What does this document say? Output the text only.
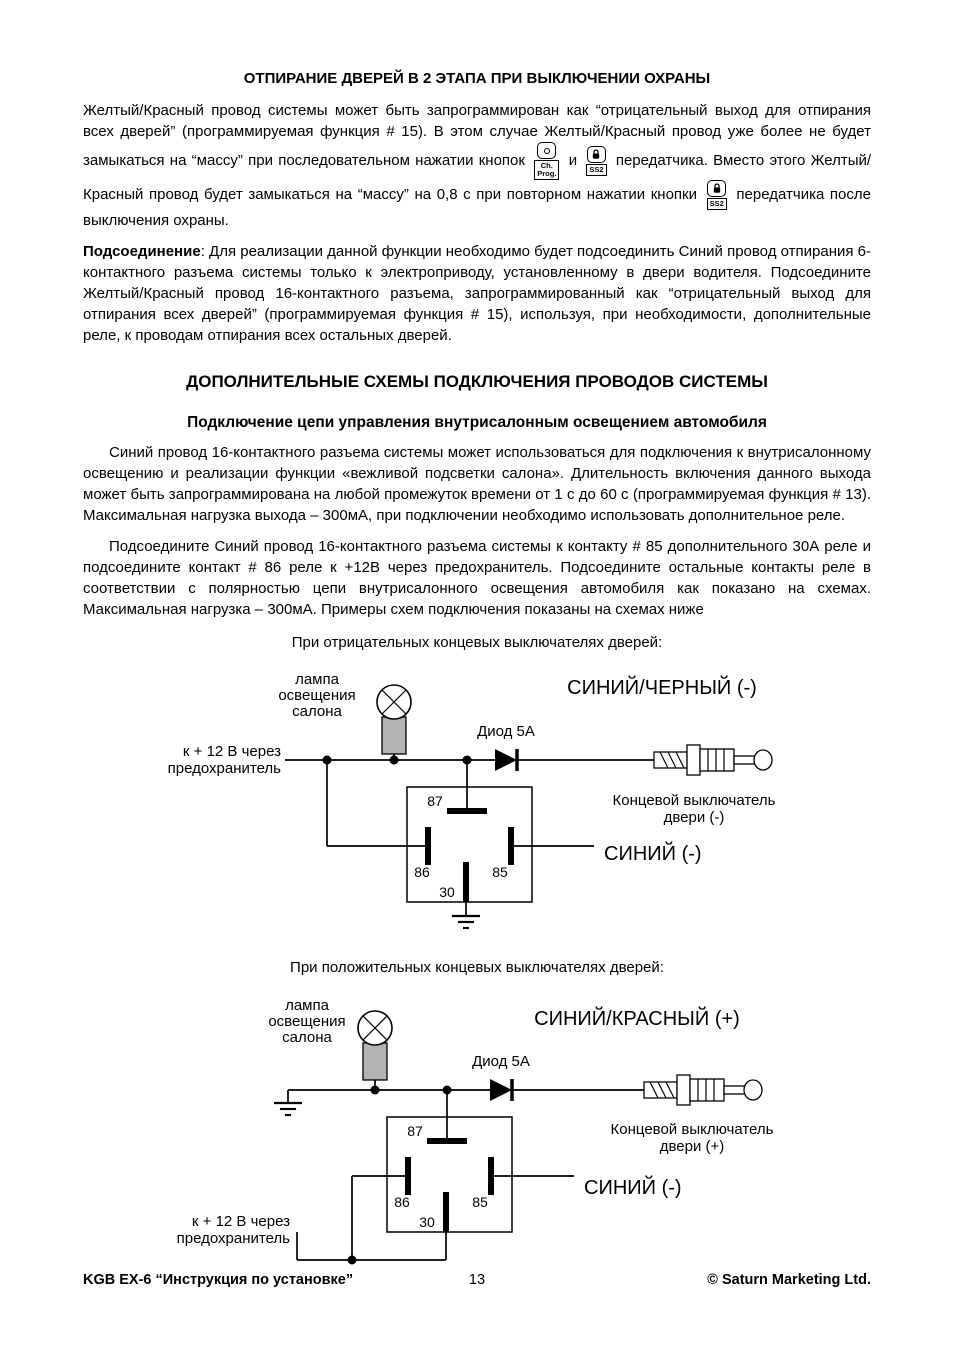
ОТПИРАНИЕ ДВЕРЕЙ В 2 ЭТАПА ПРИ ВЫКЛЮЧЕНИИ ОХРАНЫ

Желтый/Красный провод системы может быть запрограммирован как “отрицательный выход для отпирания всех дверей” (программируемая функция # 15). В этом случае Желтый/Красный провод уже более не будет замыкаться на “массу” при последовательном нажатии кнопок	Ch.
Prog.
и
SS2
передатчика. Вместо этого Желтый/Красный провод будет замыкаться на “массу” на 0,8 с при повторном нажатии кнопки
SS2
передатчика после выключения охраны.

Подсоединение: Для реализации данной функции необходимо будет подсоединить Синий провод отпирания 6-контактного разъема системы только к электроприводу, установленному в двери водителя. Подсоедините Желтый/Красный провод 16-контактного разъема, запрограммированный как “отрицательный выход для отпирания всех дверей” (программируемая функция # 15), используя, при необходимости, дополнительные реле, к проводам отпирания всех остальных дверей.

ДОПОЛНИТЕЛЬНЫЕ СХЕМЫ ПОДКЛЮЧЕНИЯ ПРОВОДОВ СИСТЕМЫ
Подключение цепи управления внутрисалонным освещением автомобиля

Синий провод 16-контактного разъема системы может использоваться для подключения к внутрисалонному освещению и реализации функции «вежливой подсветки салона». Длительность включения данного выхода может быть запрограммирована на любой промежуток времени от 1 с до 60 с (программируемая функция # 13). Максимальная нагрузка выхода – 300мА, при подключении необходимо использовать дополнительное реле.

Подсоедините Синий провод 16-контактного разъема системы к контакту # 85 дополнительного 30А реле и подсоедините контакт # 86 реле к +12В через предохранитель. Подсоедините остальные контакты реле в соответствии с полярностью цепи внутрисалонного освещения автомобиля как показано на схемах. Максимальная нагрузка – 300мА. Примеры схем подключения показаны на схемах ниже

При отрицательных концевых выключателях дверей:

лампа
освещения
салона
к + 12 В через
предохранитель
Диод 5А
СИНИЙ/ЧЕРНЫЙ (-)
Концевой выключатель
двери (-)
87
86	85
30
СИНИЙ (-)

При положительных концевых выключателях дверей:

лампа
освещения
салона
Диод 5А
СИНИЙ/КРАСНЫЙ (+)
Концевой выключатель
двери (+)
87
86	85
30
СИНИЙ (-)
к + 12 В через
предохранитель
KGB EX-6 “Инструкция по установке”	13	© Saturn Marketing Ltd.
